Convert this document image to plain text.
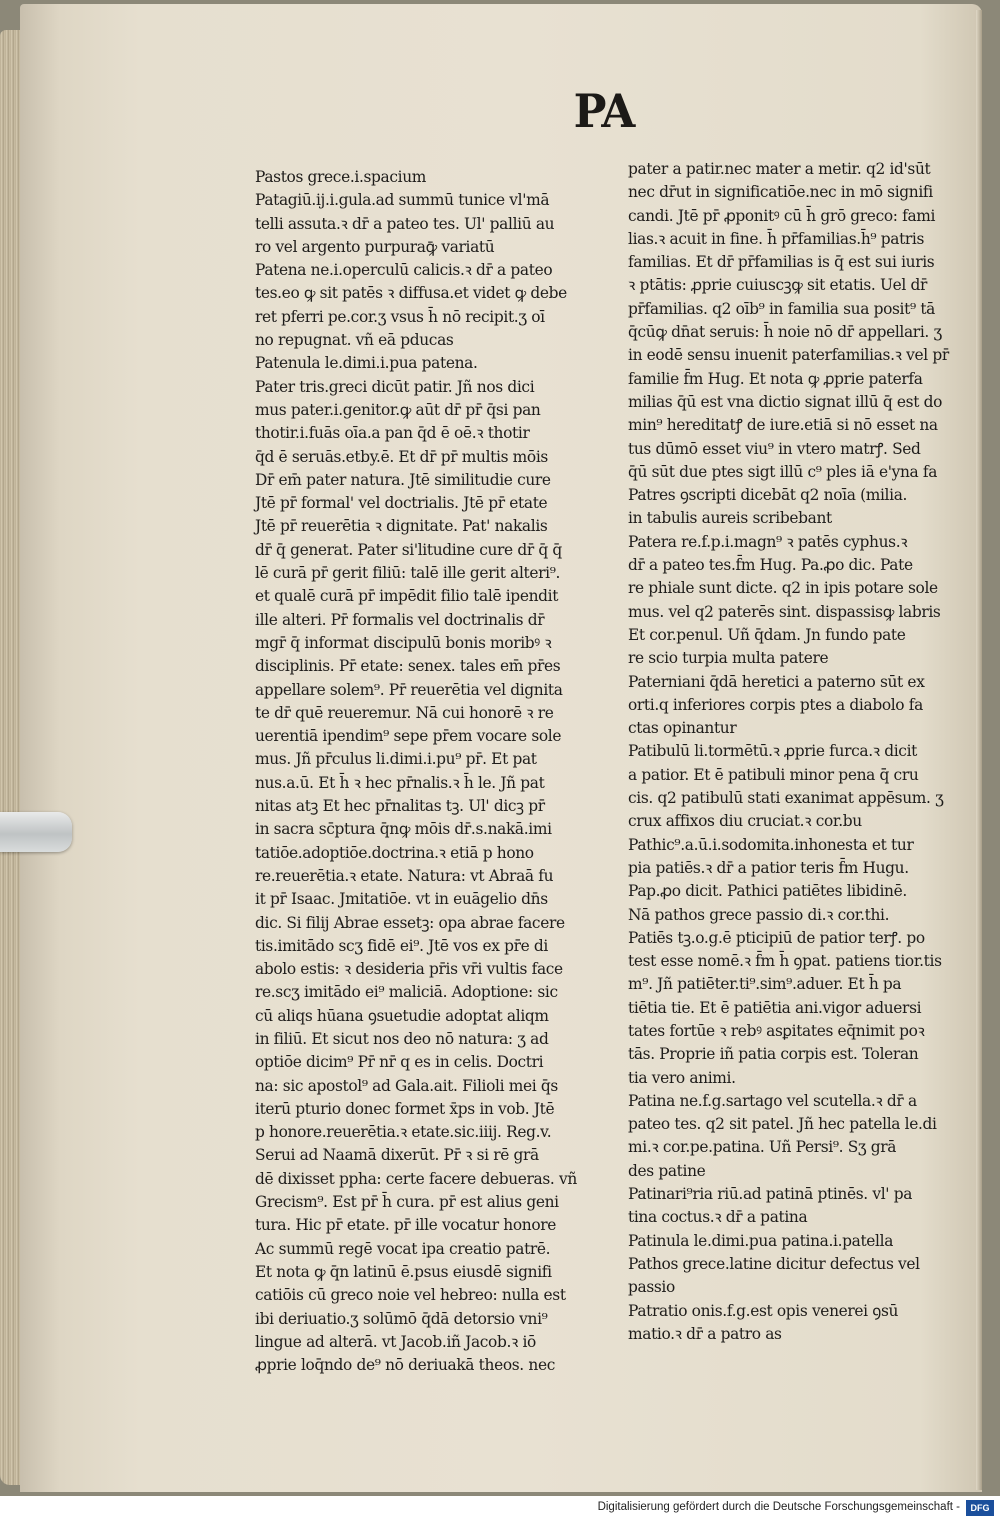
PA
Pastos grece.i.spacium
Patagiū.ij.i.gula.ad summū tunice vl'mā
telli assuta.ꝛ dr̄ a pateo tes. Ul' palliū au
ro vel argento purpuraꝙ̄ variatū
Patena ne.i.operculū calicis.ꝛ dr̄ a pateo
tes.eo ꝙ sit patēs ꝛ diffusa.et videt ꝙ debe
ret pferri pe.cor.ʒ vsus h̄ nō recipit.ʒ oī
no repugnat. vñ eā pducas
Patenula le.dimi.i.pua patena.
Pater tris.greci dicūt patir. Jñ nos dici
mus pater.i.genitor.ꝙ aūt dr̄ pr̄ q̄si pan
thotir.i.fuās oīa.a pan q̄d ē oē.ꝛ thotir
q̄d ē seruās.etby.ē. Et dr̄ pr̄ multis mōis
Dr̄ em̄ pater natura. Jtē similitudie cure
Jtē pr̄ formal' vel doctrialis. Jtē pr̄ etate
Jtē pr̄ reuerētia ꝛ dignitate. Pat' nakalis
dr̄ q̄ generat. Pater si'litudine cure dr̄ q̄ q̄
lē curā pr̄ gerit filiū: talē ille gerit alteri⁹.
et qualē curā pr̄ impēdit filio talē ipendit
ille alteri. Pr̄ formalis vel doctrinalis dr̄
mgr̄ q̄ informat discipulū bonis moribꝰ ꝛ
disciplinis. Pr̄ etate: senex. tales em̄ pr̄es
appellare solem⁹. Pr̄ reuerētia vel dignita
te dr̄ quē reueremur. Nā cui honorē ꝛ re
uerentiā ipendim⁹ sepe pr̄em vocare sole
mus. Jñ pr̄culus li.dimi.i.pu⁹ pr̄. Et pat
nus.a.ū. Et h̄ ꝛ hec pr̄nalis.ꝛ h̄ le. Jñ pat
nitas atꝫ Et hec pr̄nalitas tꝫ. Ul' dicꝫ pr̄
in sacra sc̄ptura q̄nꝙ mōis dr̄.s.nakā.imi
tatiōe.adoptiōe.doctrina.ꝛ etiā p hono
re.reuerētia.ꝛ etate. Natura: vt Abraā fu
it pr̄ Isaac. Jmitatiōe. vt in euāgelio dn̄s
dic. Si filij Abrae essetꝫ: opa abrae facere
tis.imitādo scʒ fidē ei⁹. Jtē vos ex pr̄e di
abolo estis: ꝛ desideria pr̄is vr̄i vultis face
re.scʒ imitādo ei⁹ maliciā. Adoptione: sic
cū aliqs hūana ꝯsuetudie adoptat aliqm
in filiū. Et sicut nos deo nō natura: ʒ ad
optiōe dicim⁹ Pr̄ nr̄ q es in celis. Doctri
na: sic apostol⁹ ad Gala.ait. Filioli mei q̄s
iterū pturio donec formet x̄ps in vob. Jtē
p honore.reuerētia.ꝛ etate.sic.iiij. Reg.v.
Serui ad Naamā dixerūt. Pr̄ ꝛ si rē grā
dē dixisset ppha: certe facere debueras. vñ
Grecism⁹. Est pr̄ h̄ cura. pr̄ est alius geni
tura. Hic pr̄ etate. pr̄ ille vocatur honore
Ac summū regē vocat ipa creatio patrē.
Et nota ꝙ q̄n latinū ē.psus eiusdē signifi
catiōis cū greco noie vel hebreo: nulla est
ibi deriuatio.ʒ solūmō q̄dā detorsio vni⁹
lingue ad alterā. vt Jacob.iñ Jacob.ꝛ iō
ꝓprie loq̄ndo de⁹ nō deriuakā theos. nec
pater a patir.nec mater a metir. q2 id'sūt
nec dr̄ut in significatiōe.nec in mō signifi
candi. Jtē pr̄ ꝓponitꝰ cū h̄ grō greco: fami
lias.ꝛ acuit in fine. h̄ pr̄familias.h̄⁹ patris
familias. Et dr̄ pr̄familias is q̄ est sui iuris
ꝛ ptātis: ꝓprie cuiuscꝫꝙ sit etatis. Uel dr̄
pr̄familias. q2 oīb⁹ in familia sua posit⁹ tā
q̄cūꝙ dn̄at seruis: h̄ noie nō dr̄ appellari. ʒ
in eodē sensu inuenit paterfamilias.ꝛ vel pr̄
familie f̄m Hug. Et nota ꝙ ꝓprie paterfa
milias q̄ū est vna dictio signat illū q̄ est do
min⁹ hereditatꝭ de iure.etiā si nō esset na
tus dūmō esset viu⁹ in vtero matrꝭ. Sed
q̄ū sūt due ptes sigt illū c⁹ ples iā e'yna fa
Patres ꝯscripti dicebāt q2 noīa (milia.
in tabulis aureis scribebant
Patera re.f.p.i.magn⁹ ꝛ patēs cyphus.ꝛ
dr̄ a pateo tes.f̄m Hug. Pa.ꝓo dic. Pate
re phiale sunt dicte. q2 in ipis potare sole
mus. vel q2 paterēs sint. dispassisꝙ labris
Et cor.penul. Uñ q̄dam. Jn fundo pate
re scio turpia multa patere
Paterniani q̄dā heretici a paterno sūt ex
orti.q inferiores corpis ptes a diabolo fa
ctas opinantur
Patibulū li.tormētū.ꝛ ꝓprie furca.ꝛ dicit
a patior. Et ē patibuli minor pena q̄̄ cru
cis. q2 patibulū stati exanimat appēsum. ʒ
crux affixos diu cruciat.ꝛ cor.bu
Pathic⁹.a.ū.i.sodomita.inhonesta et tur
pia patiēs.ꝛ dr̄ a patior teris f̄m Hugu.
Pap.ꝓo dicit. Pathici patiētes libidinē.
Nā pathos grece passio di.ꝛ cor.thi.
Patiēs tꝫ.o.g.ē pticipiū de patior terꝭ. po
test esse nomē.ꝛ f̄m h̄ ꝯpat. patiens tior.tis
m⁹. Jñ patiēter.ti⁹.sim⁹.aduer. Et h̄ pa
tiētia tie. Et ē patiētia ani.vigor aduersi
tates fortūe ꝛ rebꝰ asꝑitates eq̄nimit poꝛ
tās. Proprie iñ patia corpis est. Toleran
tia vero animi.
Patina ne.f.g.sartago vel scutella.ꝛ dr̄ a
pateo tes. q2 sit patel. Jñ hec patella le.di
mi.ꝛ cor.pe.patina. Uñ Persi⁹. Sʒ grā
des patine
Patinari⁹ria riū.ad patinā ptinēs. vl' pa
tina coctus.ꝛ dr̄ a patina
Patinula le.dimi.pua patina.i.patella
Pathos grece.latine dicitur defectus vel
passio
Patratio onis.f.g.est opis venerei ꝯsū
matio.ꝛ dr̄ a patro as
Digitalisierung gefördert durch die Deutsche Forschungsgemeinschaft -	DFG
